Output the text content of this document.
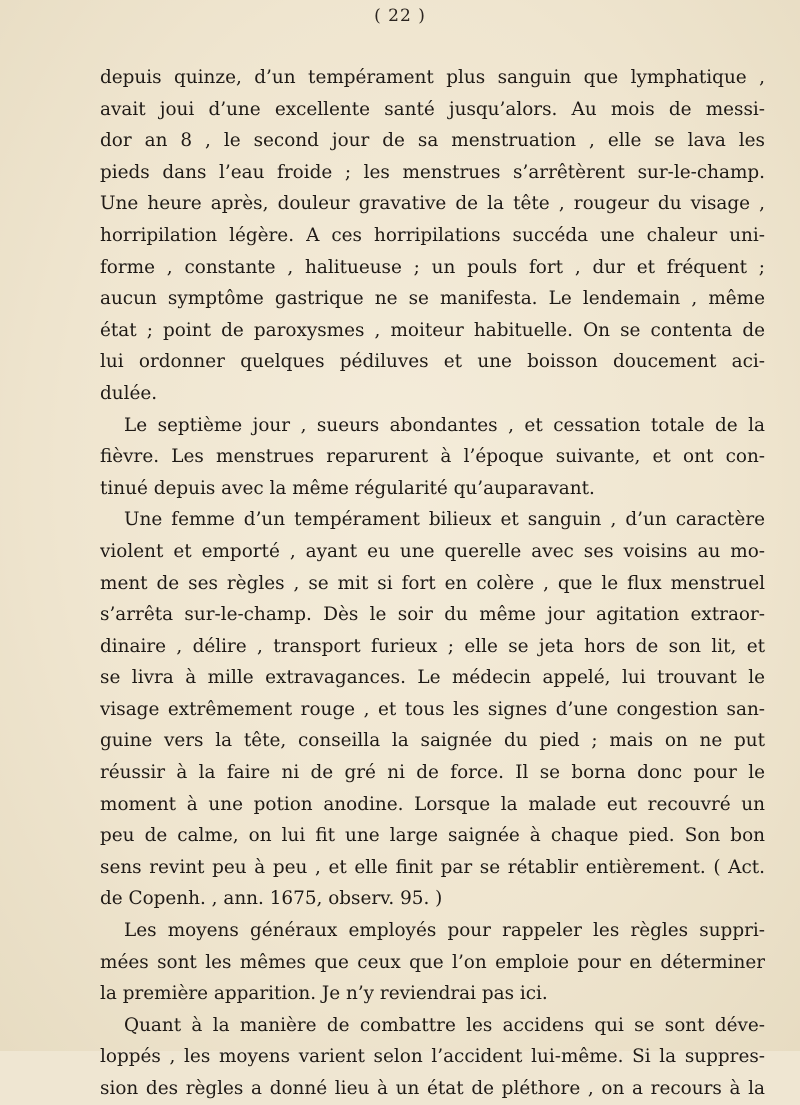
( 22 )
depuis quinze, d’un tempérament plus sanguin que lymphatique ,
avait joui d’une excellente santé jusqu’alors. Au mois de messi-
dor an 8 , le second jour de sa menstruation , elle se lava les
pieds dans l’eau froide ; les menstrues s’arrêtèrent sur-le-champ.
Une heure après, douleur gravative de la tête , rougeur du visage ,
horripilation légère. A ces horripilations succéda une chaleur uni-
forme , constante , halitueuse ; un pouls fort , dur et fréquent ;
aucun symptôme gastrique ne se manifesta. Le lendemain , même
état ; point de paroxysmes , moiteur habituelle. On se contenta de
lui ordonner quelques pédiluves et une boisson doucement aci-
dulée.
Le septième jour , sueurs abondantes , et cessation totale de la
fièvre. Les menstrues reparurent à l’époque suivante, et ont con-
tinué depuis avec la même régularité qu’auparavant.
Une femme d’un tempérament bilieux et sanguin , d’un caractère
violent et emporté , ayant eu une querelle avec ses voisins au mo-
ment de ses règles , se mit si fort en colère , que le flux menstruel
s’arrêta sur-le-champ. Dès le soir du même jour agitation extraor-
dinaire , délire , transport furieux ; elle se jeta hors de son lit, et
se livra à mille extravagances. Le médecin appelé, lui trouvant le
visage extrêmement rouge , et tous les signes d’une congestion san-
guine vers la tête, conseilla la saignée du pied ; mais on ne put
réussir à la faire ni de gré ni de force. Il se borna donc pour le
moment à une potion anodine. Lorsque la malade eut recouvré un
peu de calme, on lui fit une large saignée à chaque pied. Son bon
sens revint peu à peu , et elle finit par se rétablir entièrement. ( Act.
de Copenh. , ann. 1675, observ. 95. )
Les moyens généraux employés pour rappeler les règles suppri-
mées sont les mêmes que ceux que l’on emploie pour en déterminer
la première apparition. Je n’y reviendrai pas ici.
Quant à la manière de combattre les accidens qui se sont déve-
loppés , les moyens varient selon l’accident lui-même. Si la suppres-
sion des règles a donné lieu à un état de pléthore , on a recours à la
